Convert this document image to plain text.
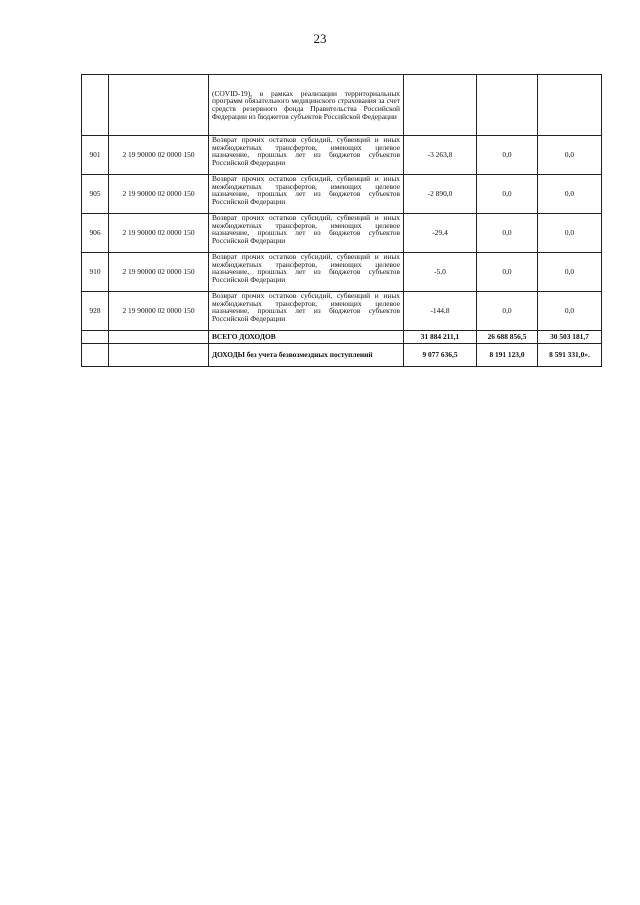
23
		(COVID-19), в рамках реализации территориальных программ обязательного медицинского страхования за счет средств резервного фонда Правительства Российской Федерации из бюджетов субъектов Российской Федерации			
901	2 19 90000 02 0000 150	Возврат прочих остатков субсидий, субвенций и иных межбюджетных трансфертов, имеющих целевое назначение, прошлых лет из бюджетов субъектов Российской Федерации	-3 263,8	0,0	0,0
905	2 19 90000 02 0000 150	Возврат прочих остатков субсидий, субвенций и иных межбюджетных трансфертов, имеющих целевое назначение, прошлых лет из бюджетов субъектов Российской Федерации	-2 890,0	0,0	0,0
906	2 19 90000 02 0000 150	Возврат прочих остатков субсидий, субвенций и иных межбюджетных трансфертов, имеющих целевое назначение, прошлых лет из бюджетов субъектов Российской Федерации	-29,4	0,0	0,0
910	2 19 90000 02 0000 150	Возврат прочих остатков субсидий, субвенций и иных межбюджетных трансфертов, имеющих целевое назначение, прошлых лет из бюджетов субъектов Российской Федерации	-5,0	0,0	0,0
928	2 19 90000 02 0000 150	Возврат прочих остатков субсидий, субвенций и иных межбюджетных трансфертов, имеющих целевое назначение, прошлых лет из бюджетов субъектов Российской Федерации	-144,8	0,0	0,0
		ВСЕГО ДОХОДОВ	31 884 211,1	26 688 856,5	30 503 181,7
		ДОХОДЫ без учета безвозмездных поступлений	9 077 636,5	8 191 123,0	8 591 331,0».
